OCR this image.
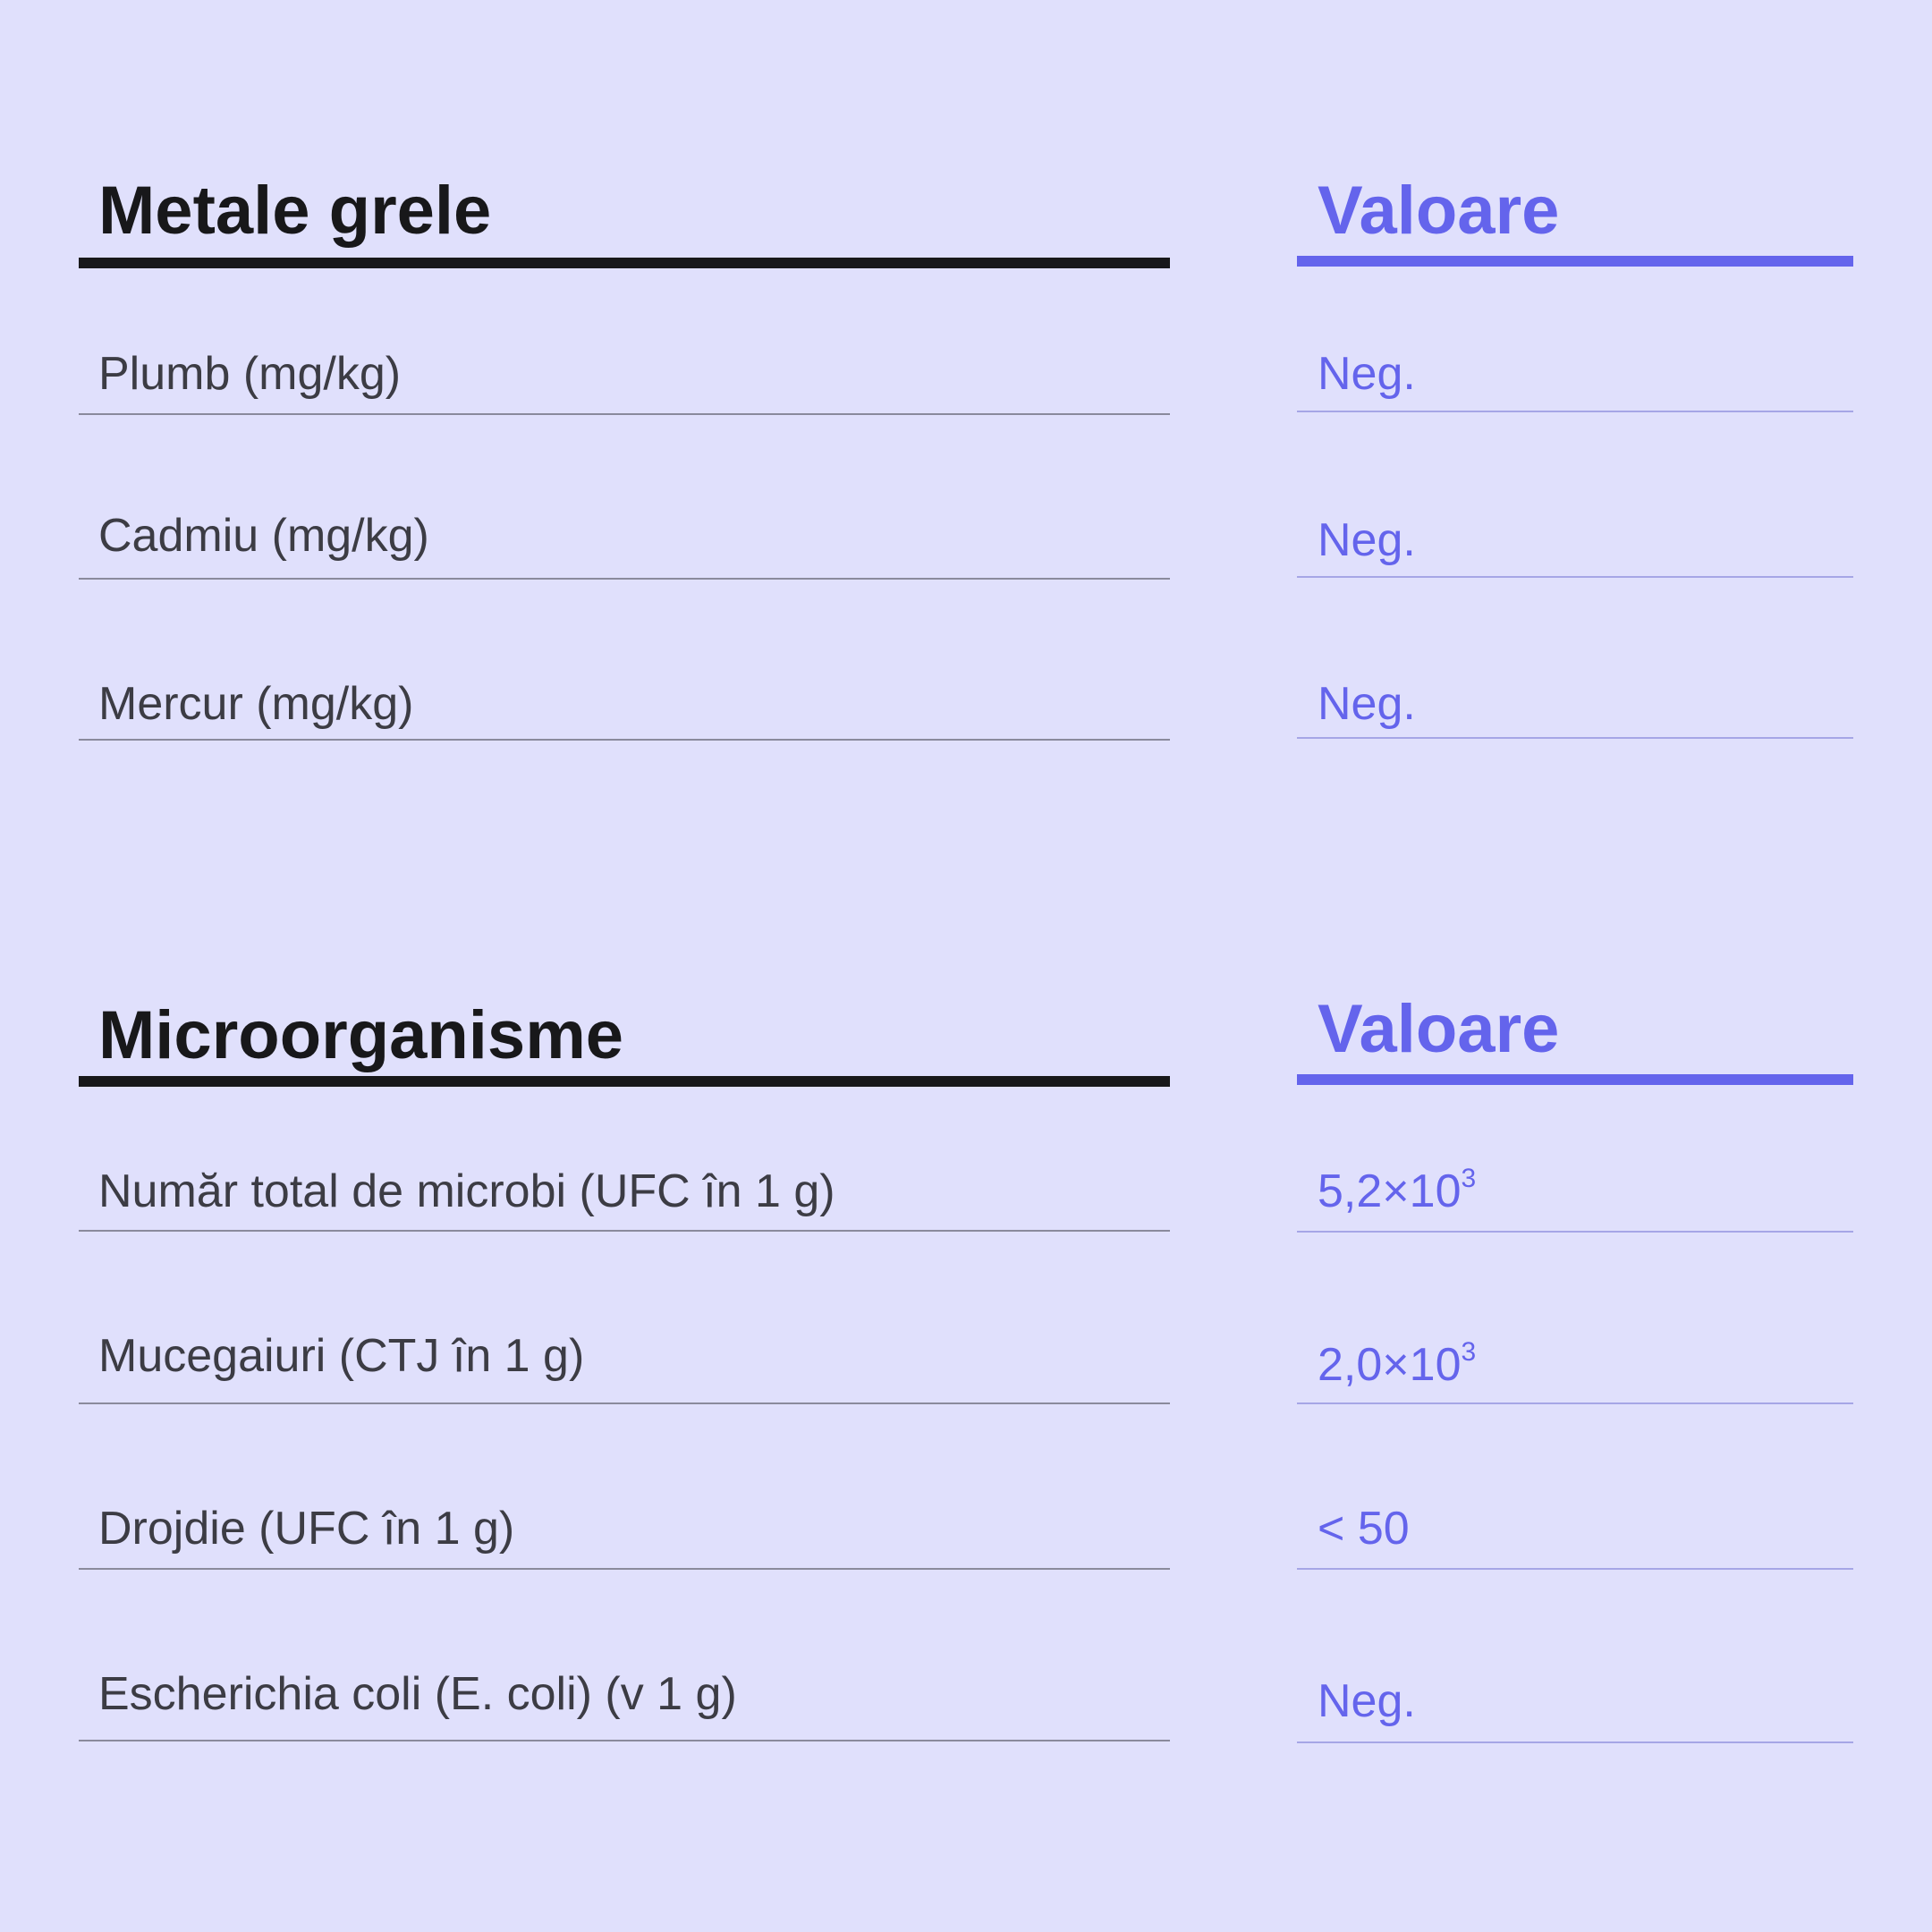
Metale grele	Valoare
Plumb (mg/kg)	Neg.
Cadmiu (mg/kg)	Neg.
Mercur (mg/kg)	Neg.
Microorganisme	Valoare
Număr total de microbi (UFC în 1 g)	$5,2\times 10^3$
Mucegaiuri (CTJ în 1 g)	$2,0\times 10^3$
Drojdie (UFC în 1 g)	< 50
Escherichia coli (E. coli) (v 1 g)	Neg.
